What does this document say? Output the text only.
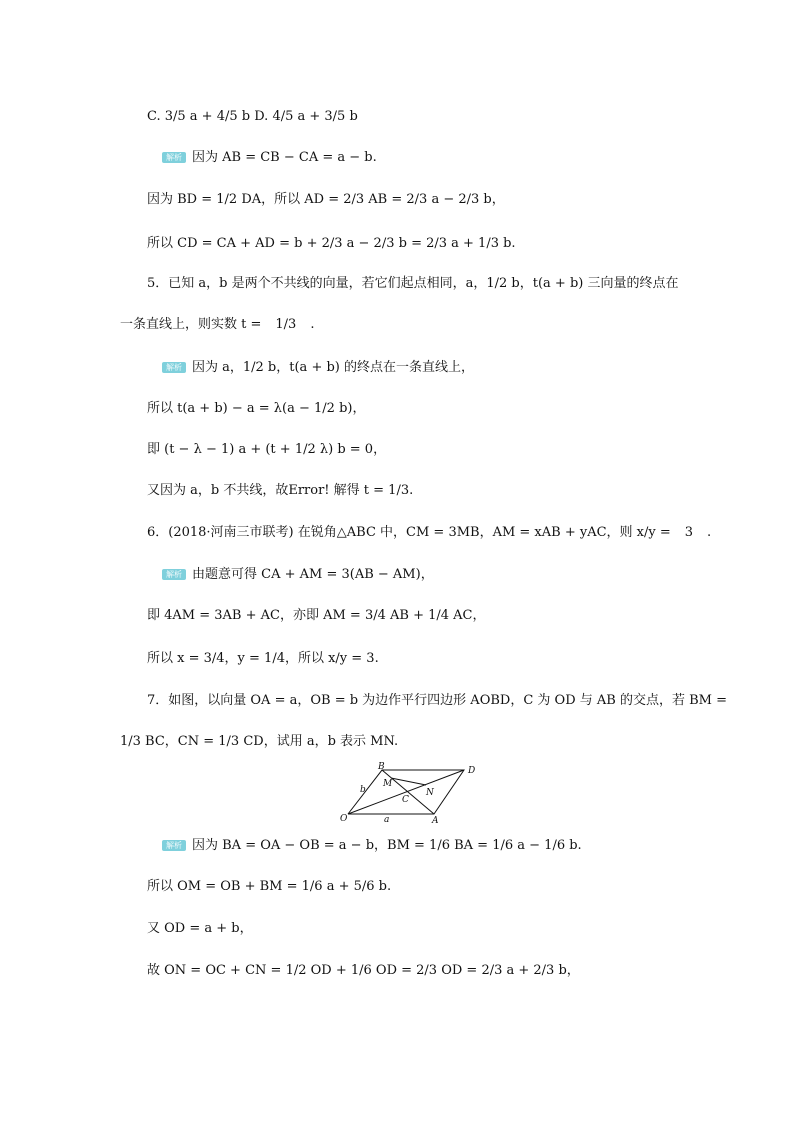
C. 3/5 a + 4/5 b D. 4/5 a + 3/5 b
解析 因为 AB = CB − CA = a − b.
因为 BD = 1/2 DA，所以 AD = 2/3 AB = 2/3 a − 2/3 b，
所以 CD = CA + AD = b + 2/3 a − 2/3 b = 2/3 a + 1/3 b.
5．已知 a，b 是两个不共线的向量，若它们起点相同，a，1/2 b，t(a + b) 三向量的终点在
一条直线上，则实数 t = 1/3 .
解析 因为 a，1/2 b，t(a + b) 的终点在一条直线上，
所以 t(a + b) − a = λ(a − 1/2 b)，
即 (t − λ − 1) a + (t + 1/2 λ) b = 0，
又因为 a，b 不共线，故Error! 解得 t = 1/3.
6．(2018·河南三市联考) 在锐角△ABC 中，CM = 3MB，AM = xAB + yAC，则 x/y = 3 .
解析 由题意可得 CA + AM = 3(AB − AM)，
即 4AM = 3AB + AC，亦即 AM = 3/4 AB + 1/4 AC，
所以 x = 3/4，y = 1/4，所以 x/y = 3.
7．如图，以向量 OA = a，OB = b 为边作平行四边形 AOBD，C 为 OD 与 AB 的交点，若 BM =
1/3 BC，CN = 1/3 CD，试用 a，b 表示 MN.
B	D
M
N
C
O	A
b
a
解析 因为 BA = OA − OB = a − b，BM = 1/6 BA = 1/6 a − 1/6 b.
所以 OM = OB + BM = 1/6 a + 5/6 b.
又 OD = a + b，
故 ON = OC + CN = 1/2 OD + 1/6 OD = 2/3 OD = 2/3 a + 2/3 b，
